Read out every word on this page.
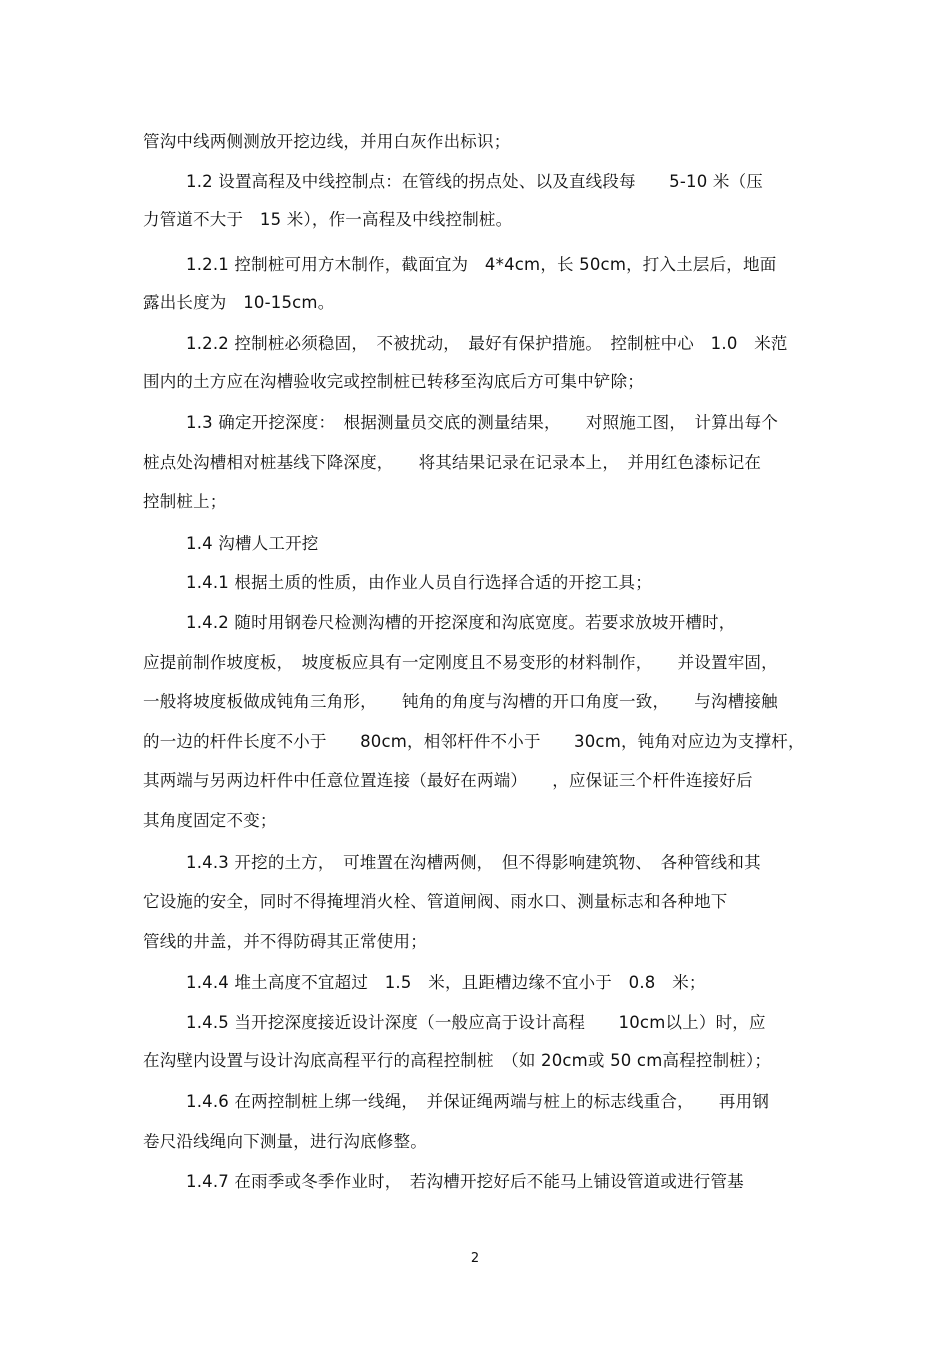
管沟中线两侧测放开挖边线，并用白灰作出标识；
1.2 设置高程及中线控制点：在管线的拐点处、以及直线段每　　5-10 米（压
力管道不大于　15 米），作一高程及中线控制桩。
1.2.1 控制桩可用方木制作，截面宜为　4*4cm，长 50cm，打入土层后，地面
露出长度为　10-15cm。
1.2.2 控制桩必须稳固，　不被扰动，　最好有保护措施。　控制桩中心　1.0　米范
围内的土方应在沟槽验收完或控制桩已转移至沟底后方可集中铲除；
1.3 确定开挖深度：　根据测量员交底的测量结果，　　对照施工图，　计算出每个
桩点处沟槽相对桩基线下降深度，　　将其结果记录在记录本上，　并用红色漆标记在
控制桩上；
1.4 沟槽人工开挖
1.4.1 根据土质的性质，由作业人员自行选择合适的开挖工具；
1.4.2 随时用钢卷尺检测沟槽的开挖深度和沟底宽度。若要求放坡开槽时，
应提前制作坡度板，　坡度板应具有一定刚度且不易变形的材料制作，　　并设置牢固，
一般将坡度板做成钝角三角形，　　钝角的角度与沟槽的开口角度一致，　　与沟槽接触
的一边的杆件长度不小于　　80cm，相邻杆件不小于　　30cm，钝角对应边为支撑杆，
其两端与另两边杆件中任意位置连接（最好在两端）　　，应保证三个杆件连接好后
其角度固定不变；
1.4.3 开挖的土方，　可堆置在沟槽两侧，　但不得影响建筑物、　各种管线和其
它设施的安全，同时不得掩埋消火栓、管道闸阀、雨水口、测量标志和各种地下
管线的井盖，并不得防碍其正常使用；
1.4.4 堆土高度不宜超过　1.5　米，且距槽边缘不宜小于　0.8　米；
1.4.5 当开挖深度接近设计深度（一般应高于设计高程　　10cm以上）时，应
在沟壁内设置与设计沟底高程平行的高程控制桩　（如 20cm或 50 cm高程控制桩）；
1.4.6 在两控制桩上绑一线绳，　并保证绳两端与桩上的标志线重合，　　再用钢
卷尺沿线绳向下测量，进行沟底修整。
1.4.7 在雨季或冬季作业时，　若沟槽开挖好后不能马上铺设管道或进行管基
2
